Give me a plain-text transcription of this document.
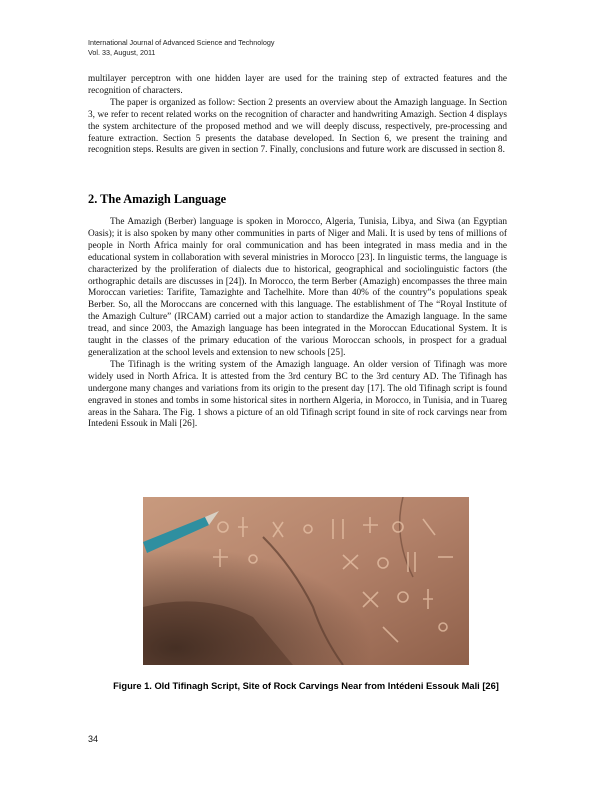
International Journal of Advanced Science and Technology
Vol. 33, August, 2011

multilayer perceptron with one hidden layer are used for the training step of extracted features and the recognition of characters.

The paper is organized as follow: Section 2 presents an overview about the Amazigh language. In Section 3, we refer to recent related works on the recognition of character and handwriting Amazigh. Section 4 displays the system architecture of the proposed method and we will deeply discuss, respectively, pre-processing and feature extraction. Section 5 presents the database developed. In Section 6, we present the training and recognition steps. Results are given in section 7. Finally, conclusions and future work are discussed in section 8.

2. The Amazigh Language

The Amazigh (Berber) language is spoken in Morocco, Algeria, Tunisia, Libya, and Siwa (an Egyptian Oasis); it is also spoken by many other communities in parts of Niger and Mali. It is used by tens of millions of people in North Africa mainly for oral communication and has been integrated in mass media and in the educational system in collaboration with several ministries in Morocco [23]. In linguistic terms, the language is characterized by the proliferation of dialects due to historical, geographical and sociolinguistic factors (the orthographic details are discusses in [24]). In Morocco, the term Berber (Amazigh) encompasses the three main Moroccan varieties: Tarifite, Tamazighte and Tachelhite. More than 40% of the country”s populations speak Berber. So, all the Moroccans are concerned with this language. The establishment of The “Royal Institute of the Amazigh Culture” (IRCAM) carried out a major action to standardize the Amazigh language. In the same tread, and since 2003, the Amazigh language has been integrated in the Moroccan Educational System. It is taught in the classes of the primary education of the various Moroccan schools, in prospect for a gradual generalization at the school levels and extension to new schools [25].

The Tifinagh is the writing system of the Amazigh language. An older version of Tifinagh was more widely used in North Africa. It is attested from the 3rd century BC to the 3rd century AD. The Tifinagh has undergone many changes and variations from its origin to the present day [17]. The old Tifinagh script is found engraved in stones and tombs in some historical sites in northern Algeria, in Morocco, in Tunisia, and in Tuareg areas in the Sahara. The Fig. 1 shows a picture of an old Tifinagh script found in site of rock carvings near from Intedeni Essouk in Mali [26].

Figure 1. Old Tifinagh Script, Site of Rock Carvings Near from Intédeni Essouk Mali [26]
34
